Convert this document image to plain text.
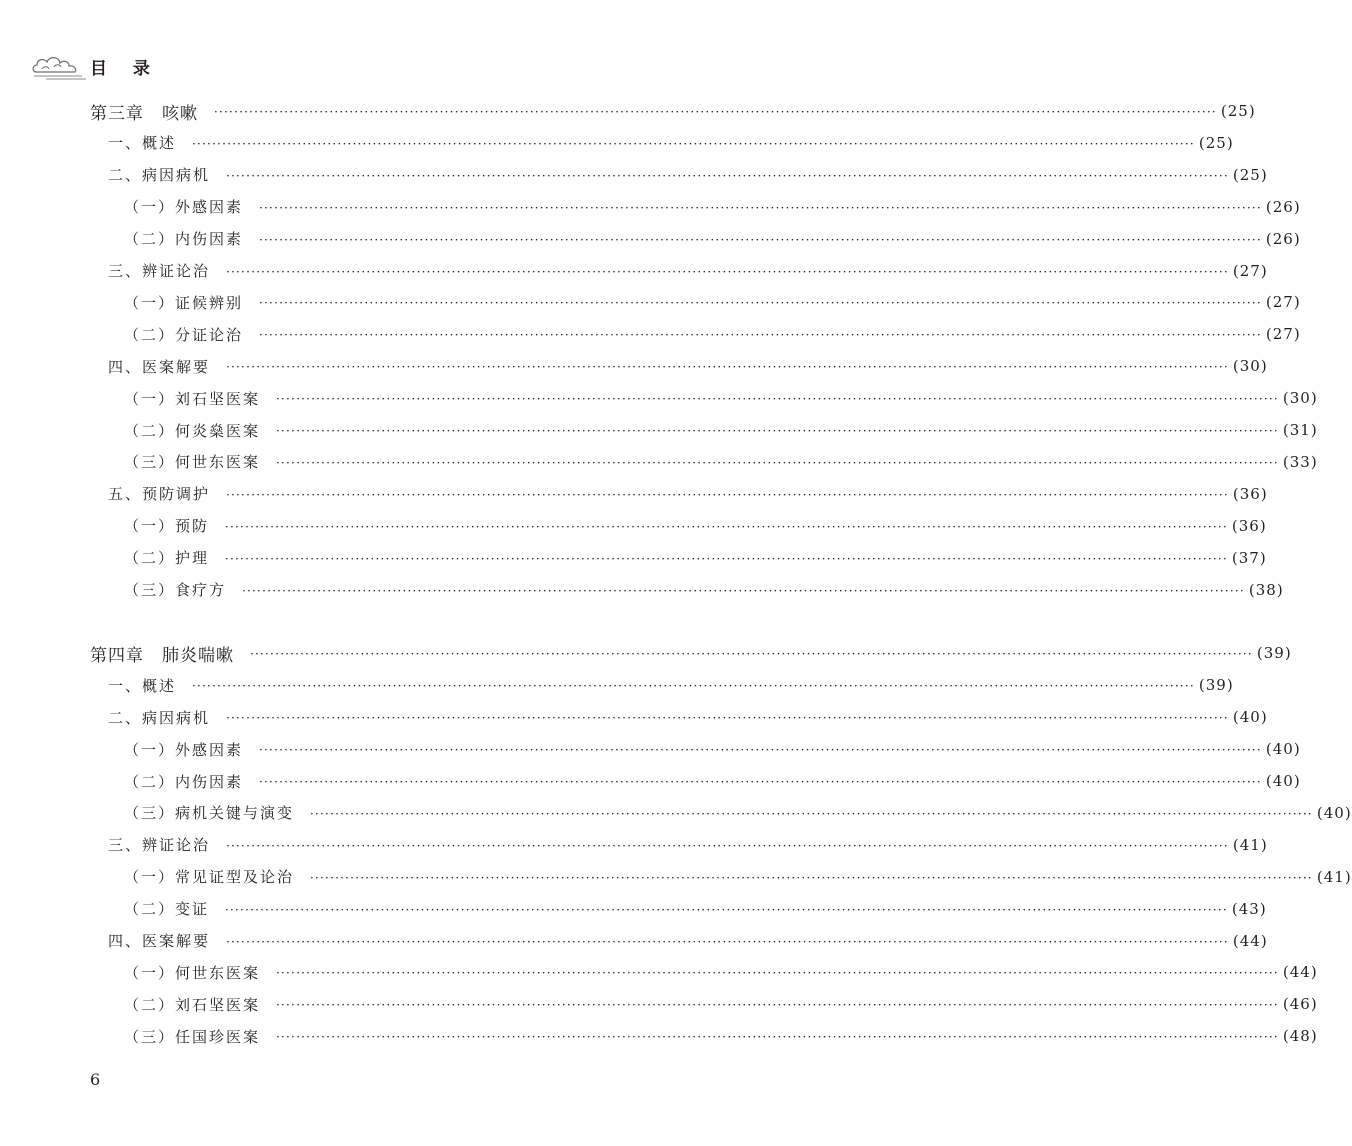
目 录
第三章　咳嗽 ········································································································································································································ (25)
一、概述 ········································································································································································································ (25)
二、病因病机 ········································································································································································································ (25)
（一）外感因素 ········································································································································································································ (26)
（二）内伤因素 ········································································································································································································ (26)
三、辨证论治 ········································································································································································································ (27)
（一）证候辨别 ········································································································································································································ (27)
（二）分证论治 ········································································································································································································ (27)
四、医案解要 ········································································································································································································ (30)
（一）刘石坚医案 ········································································································································································································ (30)
（二）何炎燊医案 ········································································································································································································ (31)
（三）何世东医案 ········································································································································································································ (33)
五、预防调护 ········································································································································································································ (36)
（一）预防 ········································································································································································································ (36)
（二）护理 ········································································································································································································ (37)
（三）食疗方 ········································································································································································································ (38)
第四章　肺炎喘嗽 ········································································································································································································ (39)
一、概述 ········································································································································································································ (39)
二、病因病机 ········································································································································································································ (40)
（一）外感因素 ········································································································································································································ (40)
（二）内伤因素 ········································································································································································································ (40)
（三）病机关键与演变 ········································································································································································································ (40)
三、辨证论治 ········································································································································································································ (41)
（一）常见证型及论治 ········································································································································································································ (41)
（二）变证 ········································································································································································································ (43)
四、医案解要 ········································································································································································································ (44)
（一）何世东医案 ········································································································································································································ (44)
（二）刘石坚医案 ········································································································································································································ (46)
（三）任国珍医案 ········································································································································································································ (48)
6
